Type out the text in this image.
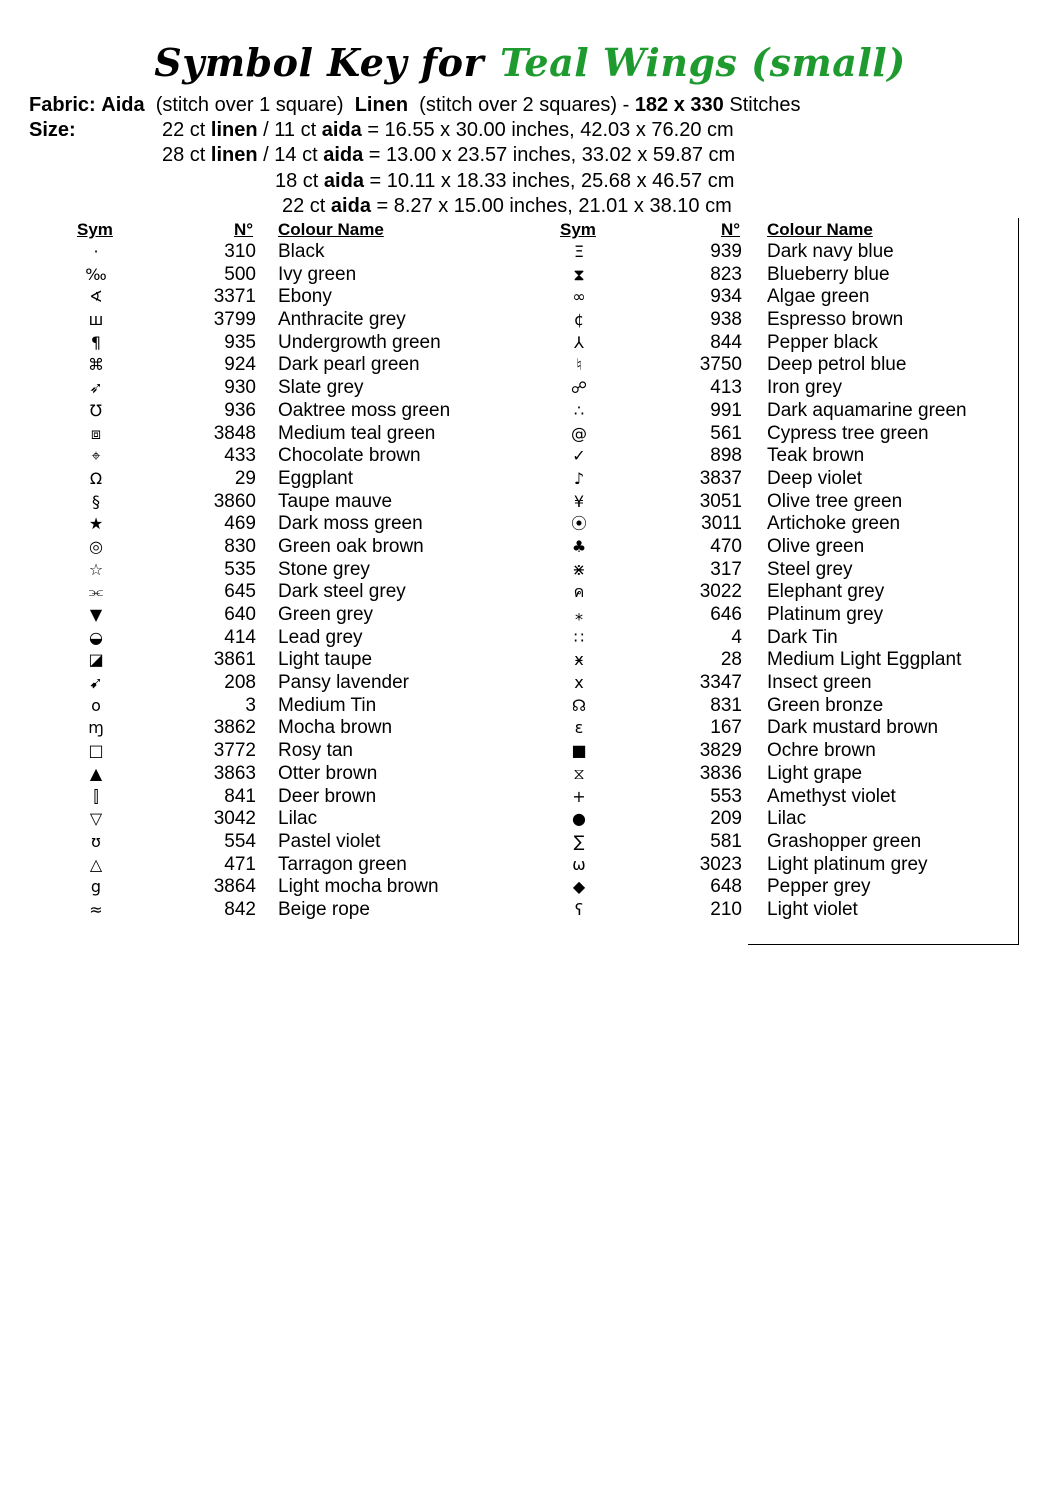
Symbol Key for Teal Wings (small)
Fabric: Aida (stitch over 1 square) Linen (stitch over 2 squares) - 182 x 330 Stitches
Size:	22 ct linen / 11 ct aida = 16.55 x 30.00 inches, 42.03 x 76.20 cm
28 ct linen / 14 ct aida = 13.00 x 23.57 inches, 33.02 x 59.87 cm
18 ct aida = 10.11 x 18.33 inches, 25.68 x 46.57 cm
22 ct aida = 8.27 x 15.00 inches, 21.01 x 38.10 cm
Sym	N° Colour Name	Sym	N° Colour Name
·	310 Black
‰	500 Ivy green
∢	3371 Ebony
ш	3799 Anthracite grey
¶	935 Undergrowth green
⌘	924 Dark pearl green
➶	930 Slate grey
℧	936 Oaktree moss green
⧈	3848 Medium teal green
⌖	433 Chocolate brown
Ω	29 Eggplant
§	3860 Taupe mauve
★	469 Dark moss green
◎	830 Green oak brown
☆	535 Stone grey
⫘	645 Dark steel grey
▼	640 Green grey
◒	414 Lead grey
◪	3861 Light taupe
➹	208 Pansy lavender
o	3 Medium Tin
ɱ	3862 Mocha brown
□	3772 Rosy tan
▲	3863 Otter brown
⫿	841 Deer brown
▽	3042 Lilac
ʊ	554 Pastel violet
△	471 Tarragon green
g	3864 Light mocha brown
≈	842 Beige rope
Ξ	939 Dark navy blue
⧗	823 Blueberry blue
∞	934 Algae green
¢	938 Espresso brown
⅄	844 Pepper black
♮	3750 Deep petrol blue
☍	413 Iron grey
∴	991 Dark aquamarine green
@	561 Cypress tree green
✓	898 Teak brown
♪	3837 Deep violet
¥	3051 Olive tree green
⦿	3011 Artichoke green
♣	470 Olive green
⋇	317 Steel grey
ค	3022 Elephant grey
⁎	646 Platinum grey
∷	4 Dark Tin
ӿ	28 Medium Light Eggplant
x	3347 Insect green
☊	831 Green bronze
ε	167 Dark mustard brown
■	3829 Ochre brown
⧖	3836 Light grape
+	553 Amethyst violet
●	209 Lilac
∑	581 Grashopper green
ω	3023 Light platinum grey
◆	648 Pepper grey
ʕ	210 Light violet
